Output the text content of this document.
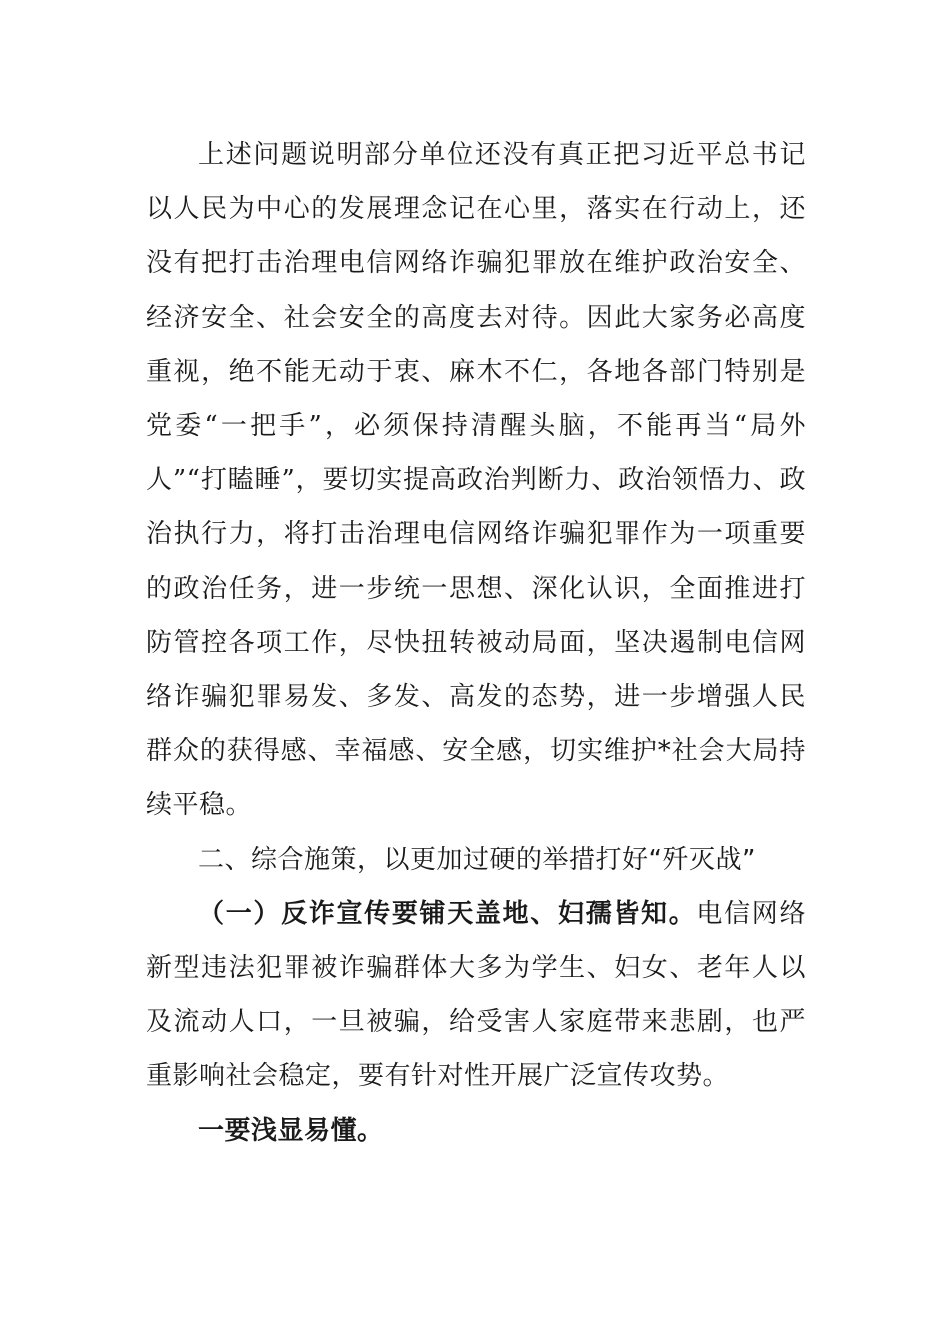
上述问题说明部分单位还没有真正把习近平总书记以人民为中心的发展理念记在心里，落实在行动上，还没有把打击治理电信网络诈骗犯罪放在维护政治安全、经济安全、社会安全的高度去对待。因此大家务必高度重视，绝不能无动于衷、麻木不仁，各地各部门特别是党委“一把手”，必须保持清醒头脑，不能再当“局外人”“打瞌睡”，要切实提高政治判断力、政治领悟力、政治执行力，将打击治理电信网络诈骗犯罪作为一项重要的政治任务，进一步统一思想、深化认识，全面推进打防管控各项工作，尽快扭转被动局面，坚决遏制电信网络诈骗犯罪易发、多发、高发的态势，进一步增强人民群众的获得感、幸福感、安全感，切实维护*社会大局持续平稳。

二、综合施策，以更加过硬的举措打好“歼灭战”

（一）反诈宣传要铺天盖地、妇孺皆知。电信网络新型违法犯罪被诈骗群体大多为学生、妇女、老年人以及流动人口，一旦被骗，给受害人家庭带来悲剧，也严重影响社会稳定，要有针对性开展广泛宣传攻势。

一要浅显易懂。
